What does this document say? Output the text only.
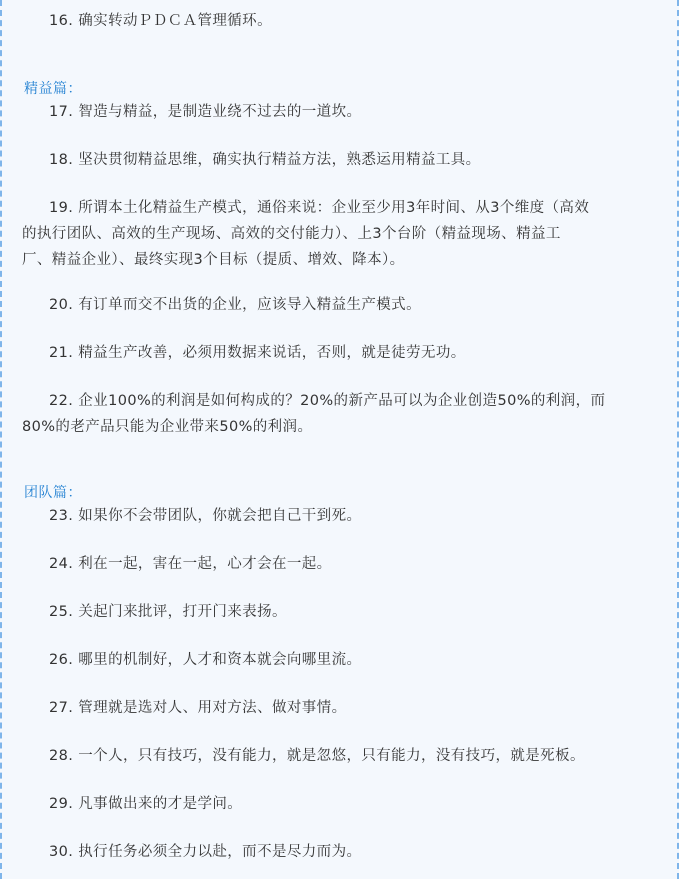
16. 确实转动ＰＤＣＡ管理循环。
精益篇：
17. 智造与精益，是制造业绕不过去的一道坎。
18. 坚决贯彻精益思维，确实执行精益方法，熟悉运用精益工具。
19. 所谓本土化精益生产模式，通俗来说：企业至少用3年时间、从3个维度（高效
的执行团队、高效的生产现场、高效的交付能力）、上3个台阶（精益现场、精益工
厂、精益企业）、最终实现3个目标（提质、增效、降本）。
20. 有订单而交不出货的企业，应该导入精益生产模式。
21. 精益生产改善，必须用数据来说话，否则，就是徒劳无功。
22. 企业100%的利润是如何构成的？20%的新产品可以为企业创造50%的利润，而
80%的老产品只能为企业带来50%的利润。
团队篇：
23. 如果你不会带团队，你就会把自己干到死。
24. 利在一起，害在一起，心才会在一起。
25. 关起门来批评，打开门来表扬。
26. 哪里的机制好，人才和资本就会向哪里流。
27. 管理就是选对人、用对方法、做对事情。
28. 一个人，只有技巧，没有能力，就是忽悠，只有能力，没有技巧，就是死板。
29. 凡事做出来的才是学问。
30. 执行任务必须全力以赴，而不是尽力而为。
